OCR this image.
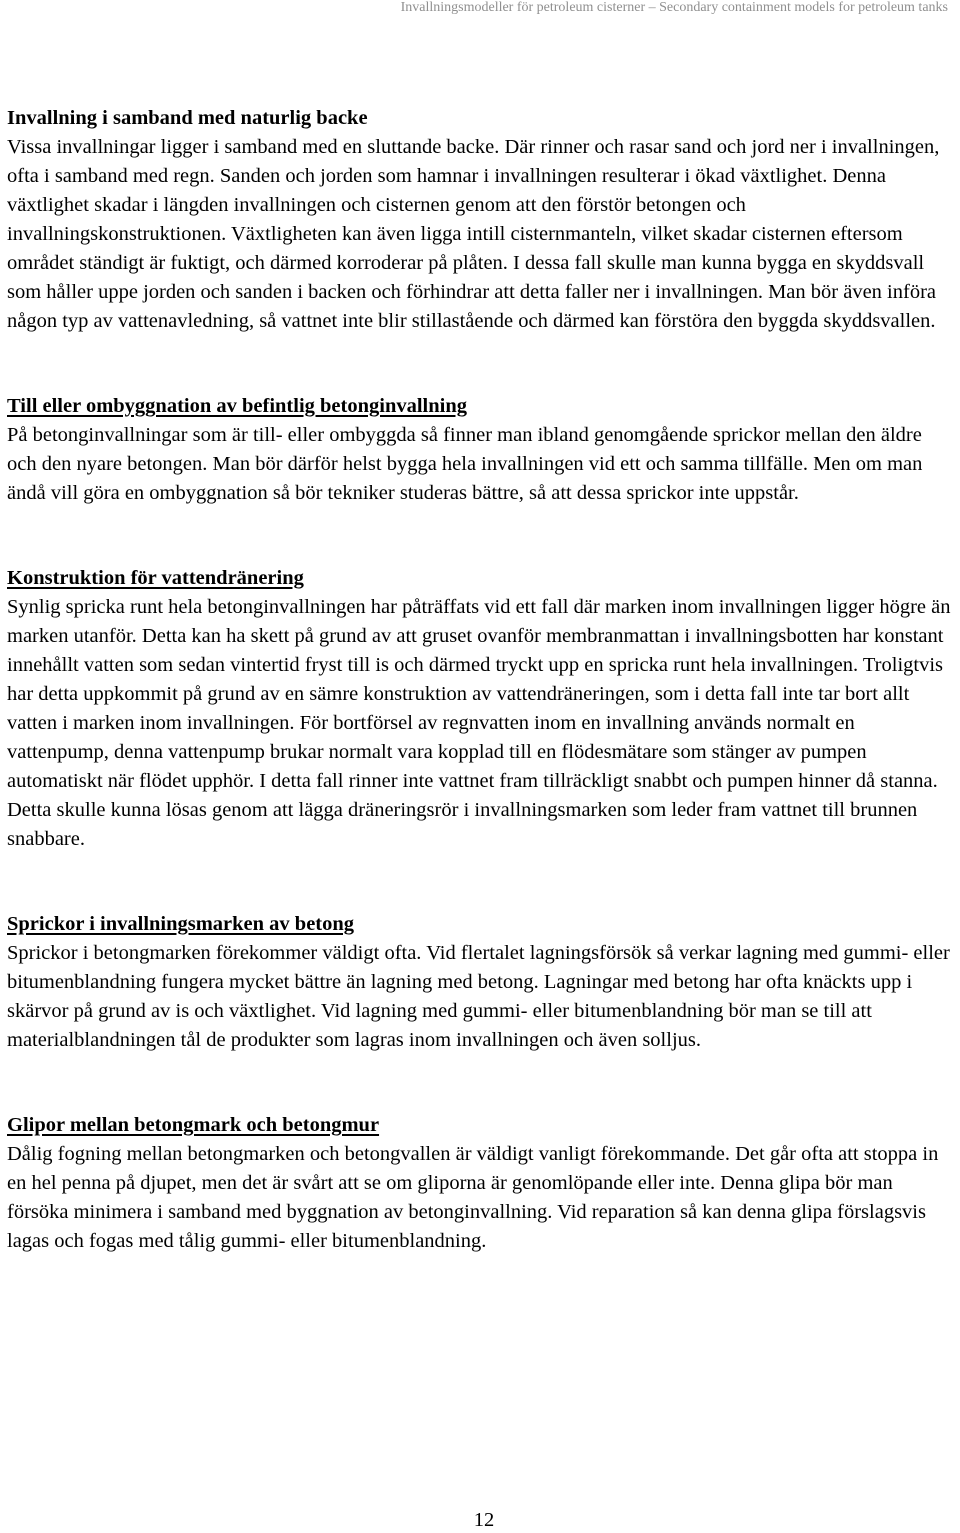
Invallningsmodeller för petroleum cisterner – Secondary containment models for petroleum tanks
Invallning i samband med naturlig backe

Vissa invallningar ligger i samband med en sluttande backe. Där rinner och rasar sand och jord ner i invallningen, ofta i samband med regn. Sanden och jorden som hamnar i invallningen resulterar i ökad växtlighet. Denna växtlighet skadar i längden invallningen och cisternen genom att den förstör betongen och invallningskonstruktionen. Växtligheten kan även ligga intill cisternmanteln, vilket skadar cisternen eftersom området ständigt är fuktigt, och därmed korroderar på plåten. I dessa fall skulle man kunna bygga en skyddsvall som håller uppe jorden och sanden i backen och förhindrar att detta faller ner i invallningen. Man bör även införa någon typ av vattenavledning, så vattnet inte blir stillastående och därmed kan förstöra den byggda skyddsvallen.

Till eller ombyggnation av befintlig betonginvallning

På betonginvallningar som är till- eller ombyggda så finner man ibland genomgående sprickor mellan den äldre och den nyare betongen. Man bör därför helst bygga hela invallningen vid ett och samma tillfälle. Men om man ändå vill göra en ombyggnation så bör tekniker studeras bättre, så att dessa sprickor inte uppstår.

Konstruktion för vattendränering

Synlig spricka runt hela betonginvallningen har påträffats vid ett fall där marken inom invallningen ligger högre än marken utanför. Detta kan ha skett på grund av att gruset ovanför membranmattan i invallningsbotten har konstant innehållt vatten som sedan vintertid fryst till is och därmed tryckt upp en spricka runt hela invallningen. Troligtvis har detta uppkommit på grund av en sämre konstruktion av vattendräneringen, som i detta fall inte tar bort allt vatten i marken inom invallningen. För bortförsel av regnvatten inom en invallning används normalt en vattenpump, denna vattenpump brukar normalt vara kopplad till en flödesmätare som stänger av pumpen automatiskt när flödet upphör. I detta fall rinner inte vattnet fram tillräckligt snabbt och pumpen hinner då stanna. Detta skulle kunna lösas genom att lägga dräneringsrör i invallningsmarken som leder fram vattnet till brunnen snabbare.

Sprickor i invallningsmarken av betong

Sprickor i betongmarken förekommer väldigt ofta. Vid flertalet lagningsförsök så verkar lagning med gummi- eller bitumenblandning fungera mycket bättre än lagning med betong. Lagningar med betong har ofta knäckts upp i skärvor på grund av is och växtlighet. Vid lagning med gummi- eller bitumenblandning bör man se till att materialblandningen tål de produkter som lagras inom invallningen och även solljus.

Glipor mellan betongmark och betongmur

Dålig fogning mellan betongmarken och betongvallen är väldigt vanligt förekommande. Det går ofta att stoppa in en hel penna på djupet, men det är svårt att se om gliporna är genomlöpande eller inte. Denna glipa bör man försöka minimera i samband med byggnation av betonginvallning. Vid reparation så kan denna glipa förslagsvis lagas och fogas med tålig gummi- eller bitumenblandning.

12
